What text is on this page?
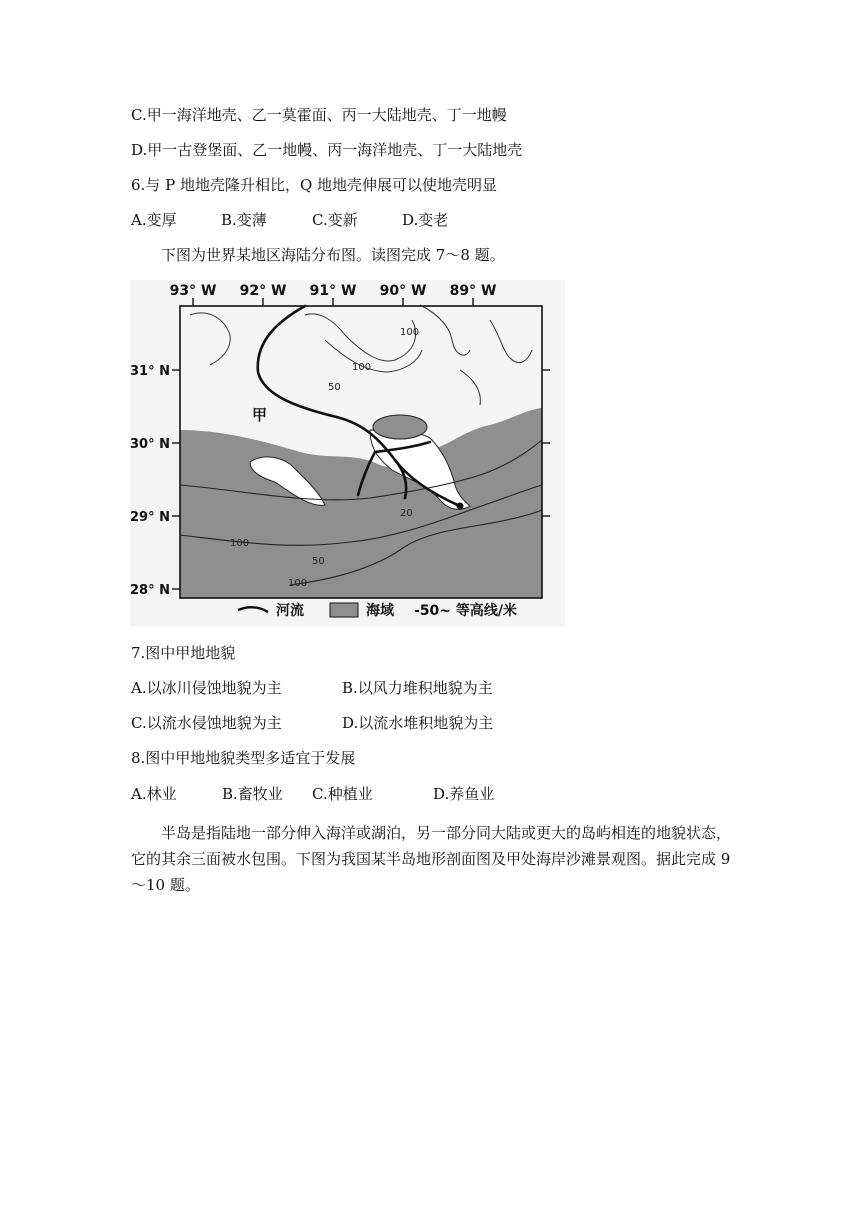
C.甲一海洋地壳、乙一莫霍面、丙一大陆地壳、丁一地幔
D.甲一古登堡面、乙一地幔、丙一海洋地壳、丁一大陆地壳
6.与 P 地地壳隆升相比，Q 地地壳伸展可以使地壳明显
A.变厚	B.变薄	C.变新	D.变老
下图为世界某地区海陆分布图。读图完成 7～8 题。
93° W 92° W 91° W 90° W 89° W
31° N
30° N
29° N
28° N
甲
100
100
50
20
50
100
100
河流	海域 -50~ 等高线/米
7.图中甲地地貌
A.以冰川侵蚀地貌为主	B.以风力堆积地貌为主
C.以流水侵蚀地貌为主	D.以流水堆积地貌为主
8.图中甲地地貌类型多适宜于发展
A.林业	B.畜牧业 C.种植业	D.养鱼业
半岛是指陆地一部分伸入海洋或湖泊，另一部分同大陆或更大的岛屿相连的地貌状态，它的其余三面被水包围。下图为我国某半岛地形剖面图及甲处海岸沙滩景观图。据此完成 9～10 题。
